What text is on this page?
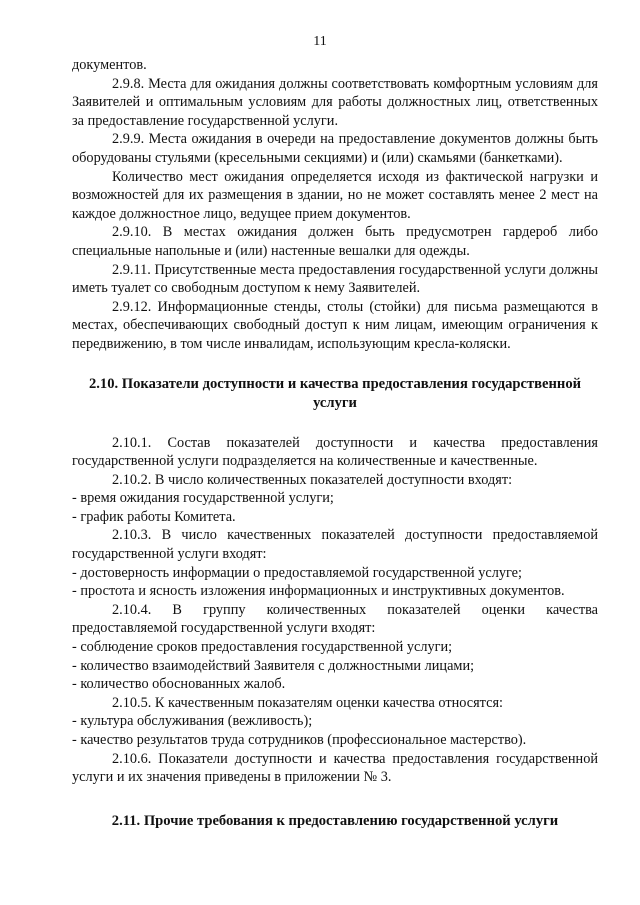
11

документов.

2.9.8. Места для ожидания должны соответствовать комфортным условиям для Заявителей и оптимальным условиям для работы должностных лиц, ответственных за предоставление государственной услуги.

2.9.9. Места ожидания в очереди на предоставление документов должны быть оборудованы стульями (кресельными секциями) и (или) скамьями (банкетками).

Количество мест ожидания определяется исходя из фактической нагрузки и возможностей для их размещения в здании, но не может составлять менее 2 мест на каждое должностное лицо, ведущее прием документов.

2.9.10. В местах ожидания должен быть предусмотрен гардероб либо специальные напольные и (или) настенные вешалки для одежды.

2.9.11. Присутственные места предоставления государственной услуги должны иметь туалет со свободным доступом к нему Заявителей.

2.9.12. Информационные стенды, столы (стойки) для письма размещаются в местах, обеспечивающих свободный доступ к ним лицам, имеющим ограничения к передвижению, в том числе инвалидам, использующим кресла-коляски.

2.10. Показатели доступности и качества предоставления государственной услуги

2.10.1. Состав показателей доступности и качества предоставления государственной услуги подразделяется на количественные и качественные.

2.10.2. В число количественных показателей доступности входят:

- время ожидания государственной услуги;

- график работы Комитета.

2.10.3. В число качественных показателей доступности предоставляемой государственной услуги входят:

- достоверность информации о предоставляемой государственной услуге;

- простота и ясность изложения информационных и инструктивных документов.

2.10.4. В группу количественных показателей оценки качества предоставляемой государственной услуги входят:

- соблюдение сроков предоставления государственной услуги;

- количество взаимодействий Заявителя с должностными лицами;

- количество обоснованных жалоб.

2.10.5. К качественным показателям оценки качества относятся:

- культура обслуживания (вежливость);

- качество результатов труда сотрудников (профессиональное мастерство).

2.10.6. Показатели доступности и качества предоставления государственной услуги и их значения приведены в приложении № 3.

2.11. Прочие требования к предоставлению государственной услуги
